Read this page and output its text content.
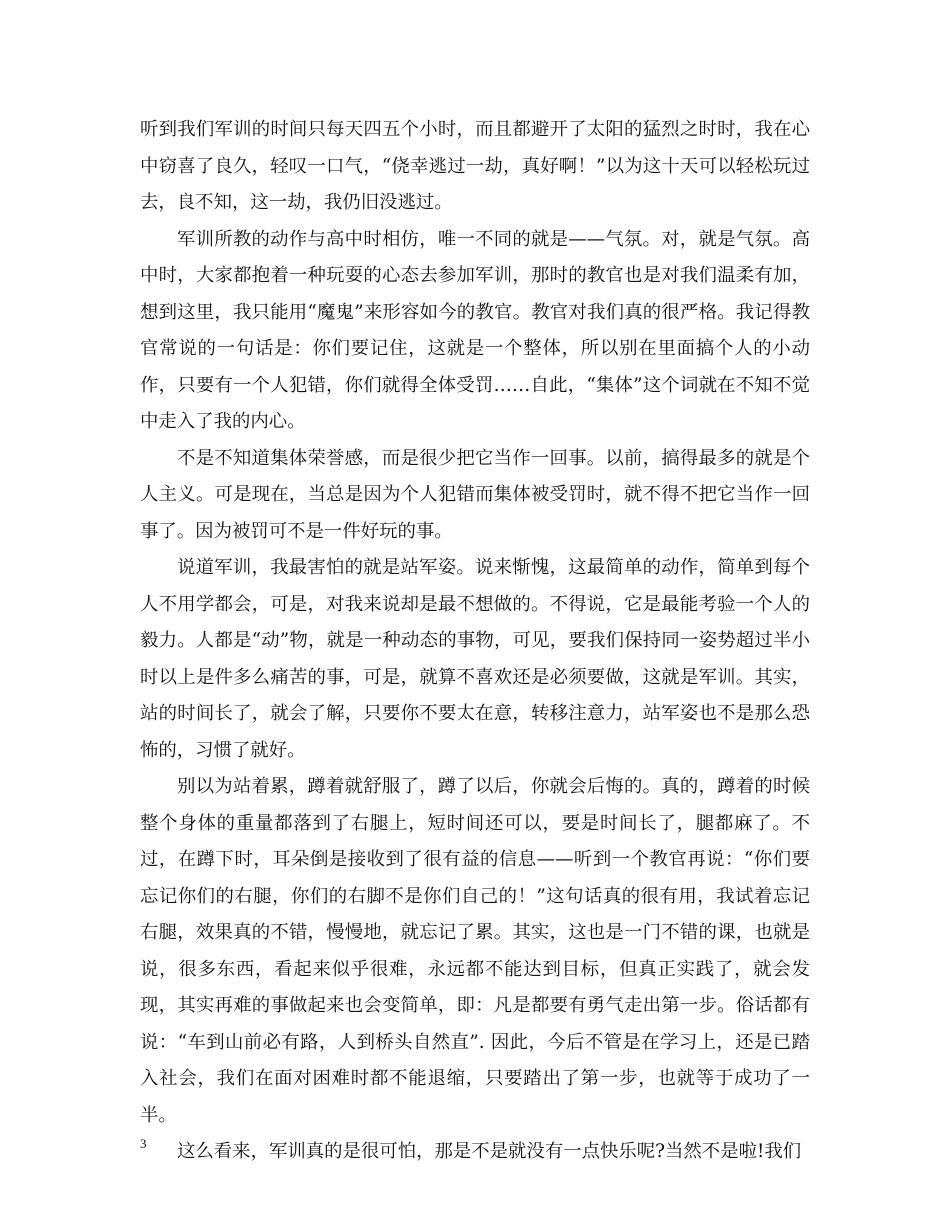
听到我们军训的时间只每天四五个小时，而且都避开了太阳的猛烈之时时，我在心中窃喜了良久，轻叹一口气，“侥幸逃过一劫，真好啊！”以为这十天可以轻松玩过去，良不知，这一劫，我仍旧没逃过。

军训所教的动作与高中时相仿，唯一不同的就是——气氛。对，就是气氛。高中时，大家都抱着一种玩耍的心态去参加军训，那时的教官也是对我们温柔有加，想到这里，我只能用“魔鬼”来形容如今的教官。教官对我们真的很严格。我记得教官常说的一句话是：你们要记住，这就是一个整体，所以别在里面搞个人的小动作，只要有一个人犯错，你们就得全体受罚……自此，“集体”这个词就在不知不觉中走入了我的内心。

不是不知道集体荣誉感，而是很少把它当作一回事。以前，搞得最多的就是个人主义。可是现在，当总是因为个人犯错而集体被受罚时，就不得不把它当作一回事了。因为被罚可不是一件好玩的事。

说道军训，我最害怕的就是站军姿。说来惭愧，这最简单的动作，简单到每个人不用学都会，可是，对我来说却是最不想做的。不得说，它是最能考验一个人的毅力。人都是“动”物，就是一种动态的事物，可见，要我们保持同一姿势超过半小时以上是件多么痛苦的事，可是，就算不喜欢还是必须要做，这就是军训。其实，站的时间长了，就会了解，只要你不要太在意，转移注意力，站军姿也不是那么恐怖的，习惯了就好。

别以为站着累，蹲着就舒服了，蹲了以后，你就会后悔的。真的，蹲着的时候整个身体的重量都落到了右腿上，短时间还可以，要是时间长了，腿都麻了。不过，在蹲下时，耳朵倒是接收到了很有益的信息——听到一个教官再说：“你们要忘记你们的右腿，你们的右脚不是你们自己的！”这句话真的很有用，我试着忘记右腿，效果真的不错，慢慢地，就忘记了累。其实，这也是一门不错的课，也就是说，很多东西，看起来似乎很难，永远都不能达到目标，但真正实践了，就会发现，其实再难的事做起来也会变简单，即：凡是都要有勇气走出第一步。俗话都有说：“车到山前必有路，人到桥头自然直”. 因此，今后不管是在学习上，还是已踏入社会，我们在面对困难时都不能退缩，只要踏出了第一步，也就等于成功了一半。

这么看来，军训真的是很可怕，那是不是就没有一点快乐呢?当然不是啦!我们

3
